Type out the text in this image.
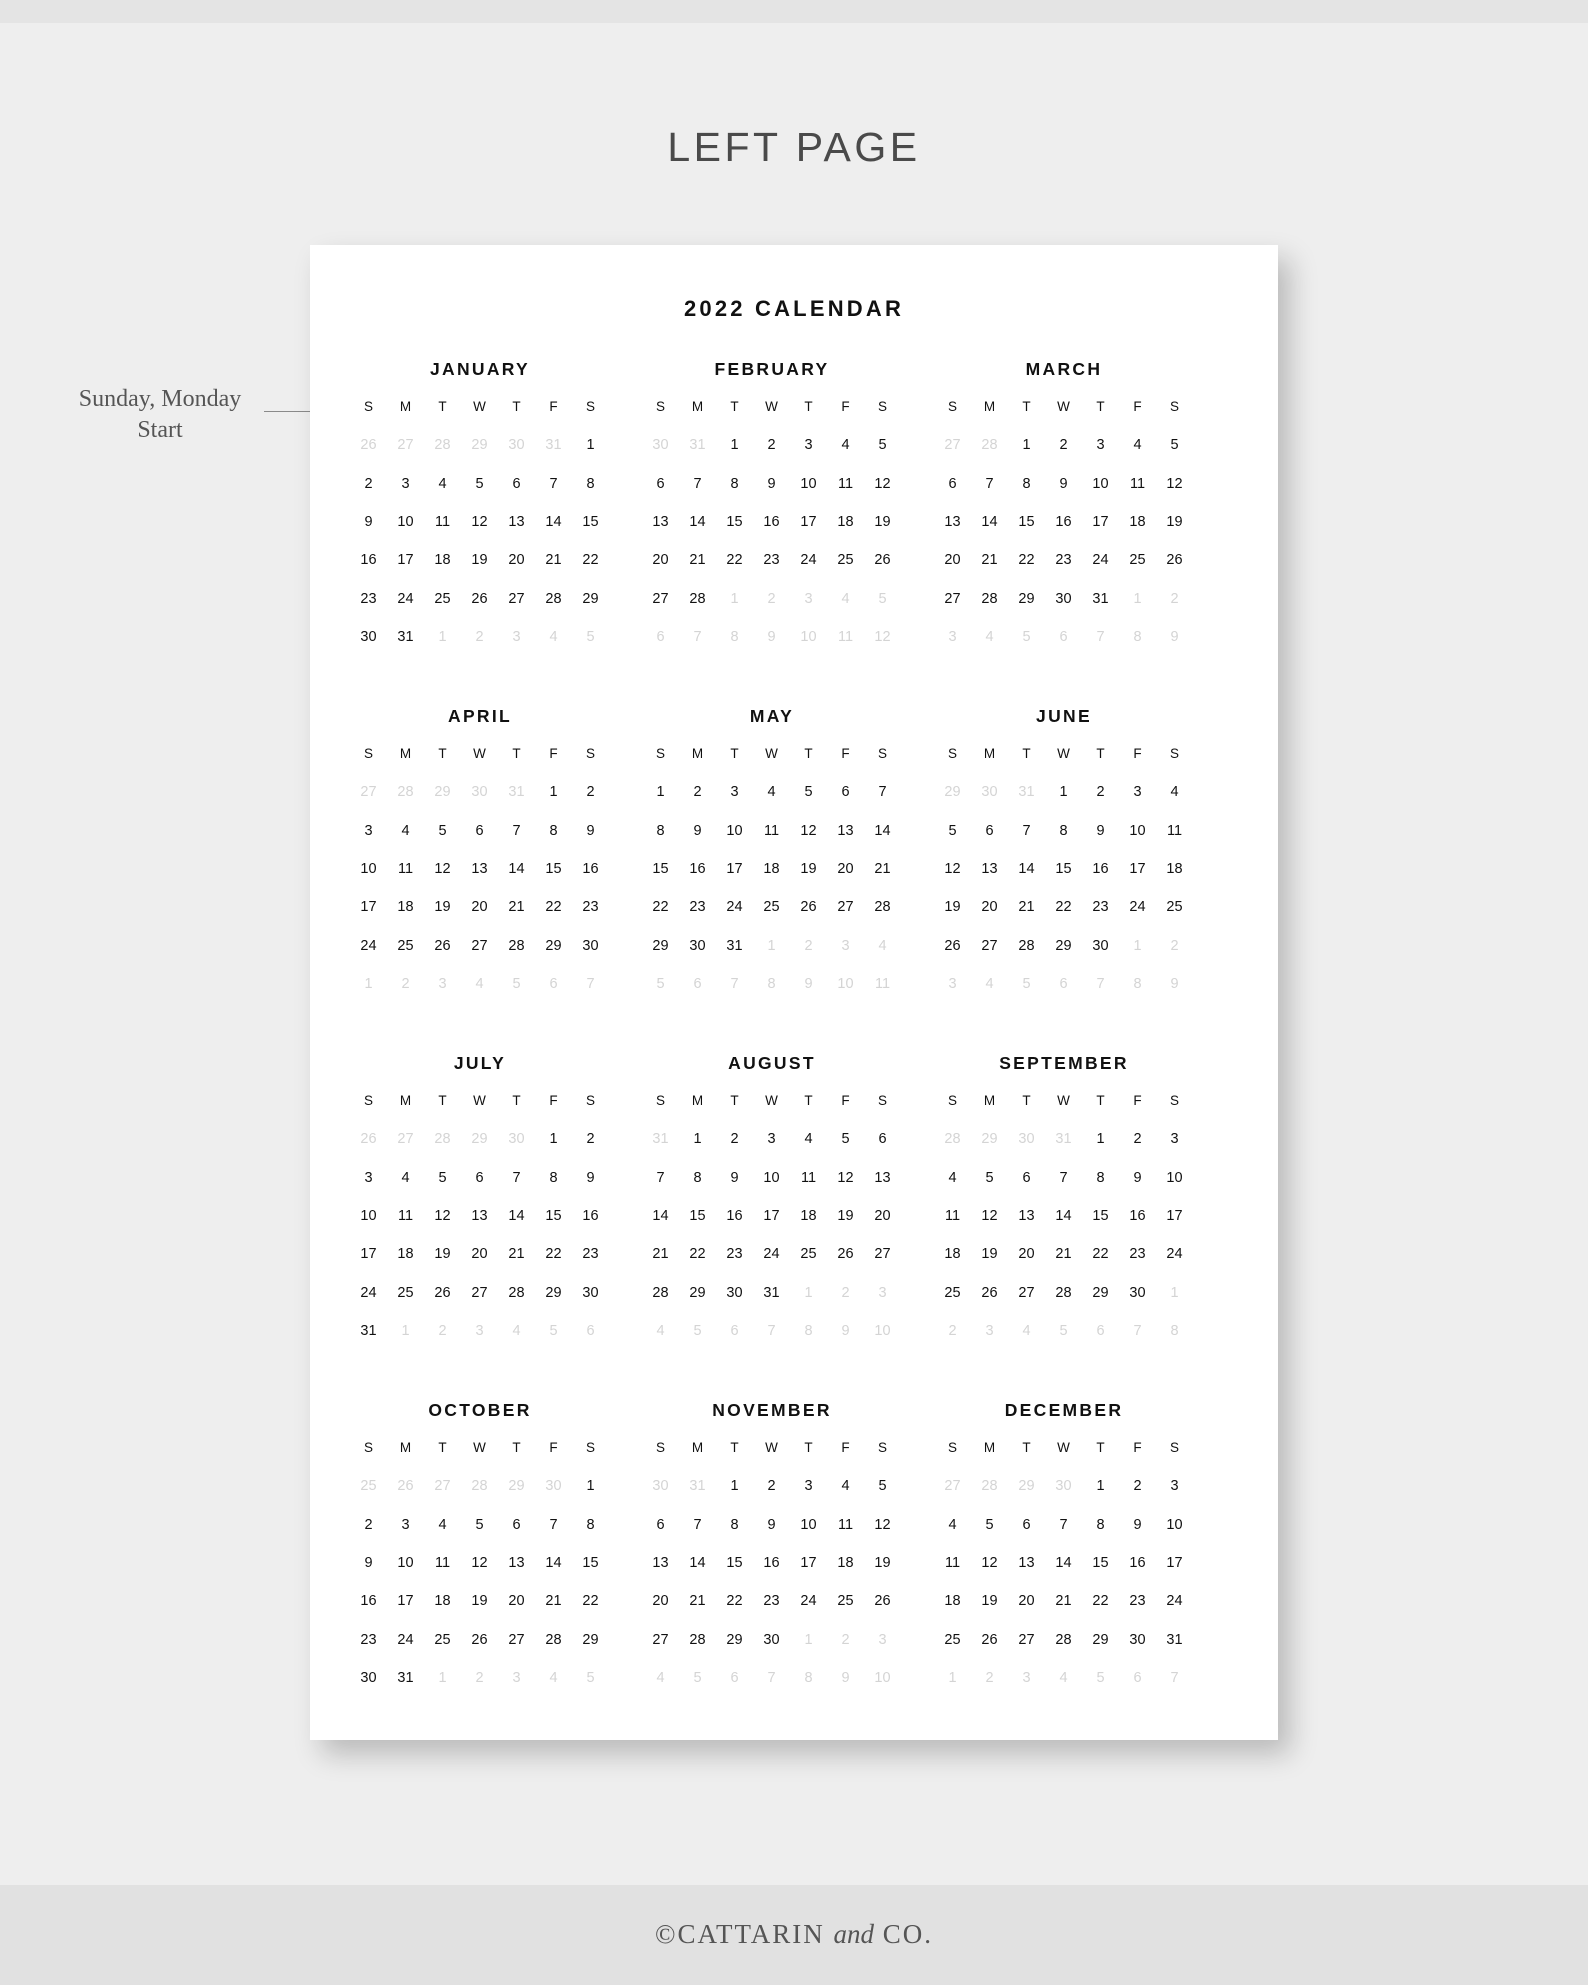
LEFT PAGE
Sunday, Monday
Start
2022 CALENDAR
JANUARY
S	M	T	W	T	F	S
26	27	28	29	30	31	1
2	3	4	5	6	7	8
9	10	11	12	13	14	15
16	17	18	19	20	21	22
23	24	25	26	27	28	29
30	31	1	2	3	4	5
FEBRUARY
S	M	T	W	T	F	S
30	31	1	2	3	4	5
6	7	8	9	10	11	12
13	14	15	16	17	18	19
20	21	22	23	24	25	26
27	28	1	2	3	4	5
6	7	8	9	10	11	12
MARCH
S	M	T	W	T	F	S
27	28	1	2	3	4	5
6	7	8	9	10	11	12
13	14	15	16	17	18	19
20	21	22	23	24	25	26
27	28	29	30	31	1	2
3	4	5	6	7	8	9
APRIL
S	M	T	W	T	F	S
27	28	29	30	31	1	2
3	4	5	6	7	8	9
10	11	12	13	14	15	16
17	18	19	20	21	22	23
24	25	26	27	28	29	30
1	2	3	4	5	6	7
MAY
S	M	T	W	T	F	S
1	2	3	4	5	6	7
8	9	10	11	12	13	14
15	16	17	18	19	20	21
22	23	24	25	26	27	28
29	30	31	1	2	3	4
5	6	7	8	9	10	11
JUNE
S	M	T	W	T	F	S
29	30	31	1	2	3	4
5	6	7	8	9	10	11
12	13	14	15	16	17	18
19	20	21	22	23	24	25
26	27	28	29	30	1	2
3	4	5	6	7	8	9
JULY
S	M	T	W	T	F	S
26	27	28	29	30	1	2
3	4	5	6	7	8	9
10	11	12	13	14	15	16
17	18	19	20	21	22	23
24	25	26	27	28	29	30
31	1	2	3	4	5	6
AUGUST
S	M	T	W	T	F	S
31	1	2	3	4	5	6
7	8	9	10	11	12	13
14	15	16	17	18	19	20
21	22	23	24	25	26	27
28	29	30	31	1	2	3
4	5	6	7	8	9	10
SEPTEMBER
S	M	T	W	T	F	S
28	29	30	31	1	2	3
4	5	6	7	8	9	10
11	12	13	14	15	16	17
18	19	20	21	22	23	24
25	26	27	28	29	30	1
2	3	4	5	6	7	8
OCTOBER
S	M	T	W	T	F	S
25	26	27	28	29	30	1
2	3	4	5	6	7	8
9	10	11	12	13	14	15
16	17	18	19	20	21	22
23	24	25	26	27	28	29
30	31	1	2	3	4	5
NOVEMBER
S	M	T	W	T	F	S
30	31	1	2	3	4	5
6	7	8	9	10	11	12
13	14	15	16	17	18	19
20	21	22	23	24	25	26
27	28	29	30	1	2	3
4	5	6	7	8	9	10
DECEMBER
S	M	T	W	T	F	S
27	28	29	30	1	2	3
4	5	6	7	8	9	10
11	12	13	14	15	16	17
18	19	20	21	22	23	24
25	26	27	28	29	30	31
1	2	3	4	5	6	7
©CATTARIN and CO.
